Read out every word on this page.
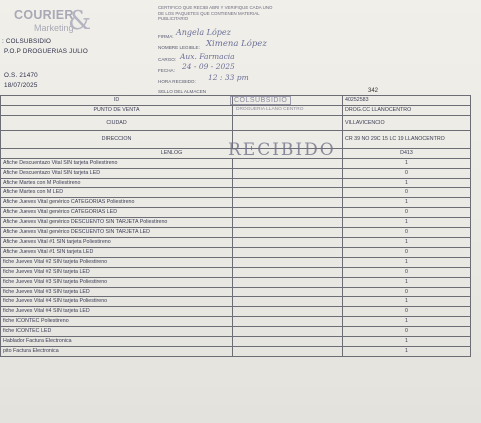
COURIER
Marketing
&	CERTIFICO QUE RECIBI ABRI Y VERIFIQUE CADA UNO DE LOS PAQUETES QUE CONTIENEN MATERIAL PUBLICITARIO
FIRMA: Angela López
NOMBRE LEGIBLE: Ximena López
CARGO: Aux. Farmacia
FECHA: 24 - 09 - 2025
HORA RECIBIDO: 12 : 33 pm
SELLO DEL ALMACEN
: COLSUBSIDIO
P.O.P DROGUERIAS JULIO
O.S. 21470
18/07/2025
342
ID		40252583
PUNTO DE VENTA		DROG.CC LLANOCENTRO
CIUDAD		VILLAVICENCIO
DIRECCION		CR 39 NO 29C 15 LC 19 LLANOCENTRO
LENLOG		D413
Afiche Descuentazo Vital SIN tarjeta Poliestireno		1
Afiche Descuentazo Vital SIN tarjeta LED		0
Afiche Martes con M Poliestireno		1
Afiche Martes con M LED		0
Afiche Jueves Vital genérico CATEGORIAS Poliestireno		1
Afiche Jueves Vital genérico CATEGORIAS LED		0
Afiche Jueves Vital genérico DESCUENTO SIN TARJETA Poliestireno		1
Afiche Jueves Vital genérico DESCUENTO SIN TARJETA LED		0
Afiche Jueves Vital #1 SIN tarjeta Poliestireno		1
Afiche Jueves Vital #1 SIN tarjeta LED		0
fiche Jueves Vital #2 SIN tarjeta Poliestireno		1
fiche Jueves Vital #2 SIN tarjeta LED		0
fiche Jueves Vital #3 SIN tarjeta Poliestireno		1
fiche Jueves Vital #3 SIN tarjeta LED		0
fiche Jueves Vital #4 SIN tarjeta Poliestireno		1
fiche Jueves Vital #4 SIN tarjeta LED		0
fiche ICONTEC Poliestireno		1
fiche ICONTEC LED		0
Hablador Factura Electronica		1
pito Factura Electronica		1
COLSUBSIDIO
DROGUERIA LLANO CENTRO
RECIBIDO
